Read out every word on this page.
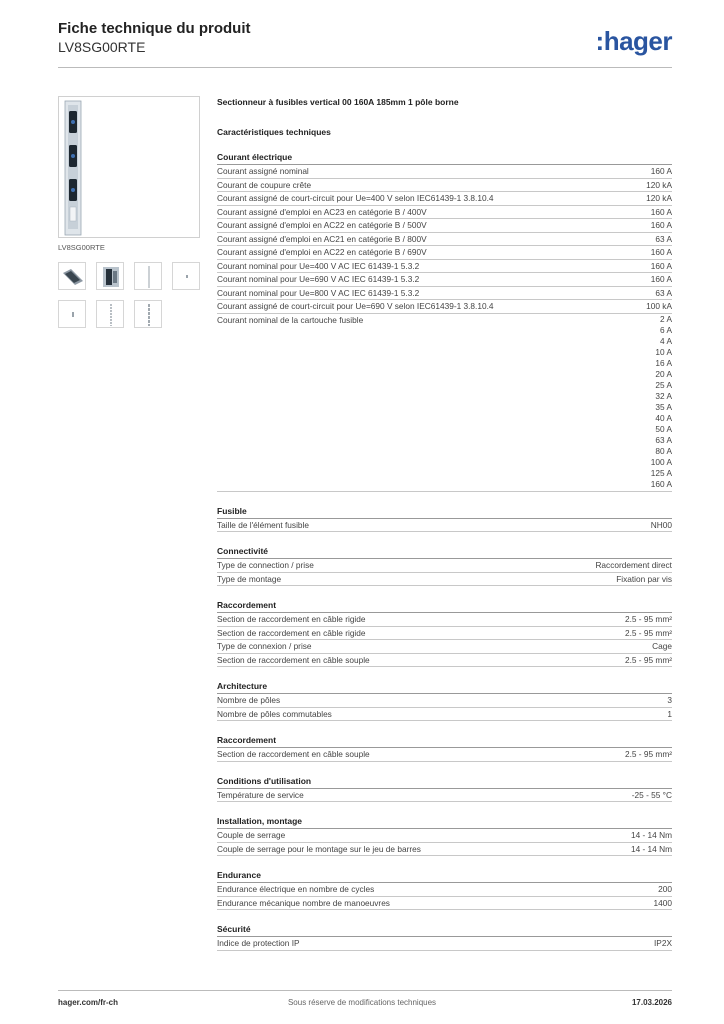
Fiche technique du produit
LV8SG00RTE	:hager
LV8SG00RTE
Sectionneur à fusibles vertical 00 160A 185mm 1 pôle borne
Caractéristiques techniques
Courant électrique
Courant assigné nominal	160 A
Courant de coupure crête	120 kA
Courant assigné de court-circuit pour Ue=400 V selon IEC61439-1 3.8.10.4	120 kA
Courant assigné d'emploi en AC23 en catégorie B / 400V	160 A
Courant assigné d'emploi en AC22 en catégorie B / 500V	160 A
Courant assigné d'emploi en AC21 en catégorie B / 800V	63 A
Courant assigné d'emploi en AC22 en catégorie B / 690V	160 A
Courant nominal pour Ue=400 V AC IEC 61439-1 5.3.2	160 A
Courant nominal pour Ue=690 V AC IEC 61439-1 5.3.2	160 A
Courant nominal pour Ue=800 V AC IEC 61439-1 5.3.2	63 A
Courant assigné de court-circuit pour Ue=690 V selon IEC61439-1 3.8.10.4	100 kA
Courant nominal de la cartouche fusible	2 A
6 A
4 A
10 A
16 A
20 A
25 A
32 A
35 A
40 A
50 A
63 A
80 A
100 A
125 A
160 A
Fusible
Taille de l'élément fusible	NH00
Connectivité
Type de connection / prise	Raccordement direct
Type de montage	Fixation par vis
Raccordement
Section de raccordement en câble rigide	2.5 - 95 mm²
Section de raccordement en câble rigide	2.5 - 95 mm²
Type de connexion / prise	Cage
Section de raccordement en câble souple	2.5 - 95 mm²
Architecture
Nombre de pôles	3
Nombre de pôles commutables	1
Raccordement
Section de raccordement en câble souple	2.5 - 95 mm²
Conditions d'utilisation
Température de service	-25 - 55 °C
Installation, montage
Couple de serrage	14 - 14 Nm
Couple de serrage pour le montage sur le jeu de barres	14 - 14 Nm
Endurance
Endurance électrique en nombre de cycles	200
Endurance mécanique nombre de manoeuvres	1400
Sécurité
Indice de protection IP	IP2X
hager.com/fr-ch	Sous réserve de modifications techniques	17.03.2026
